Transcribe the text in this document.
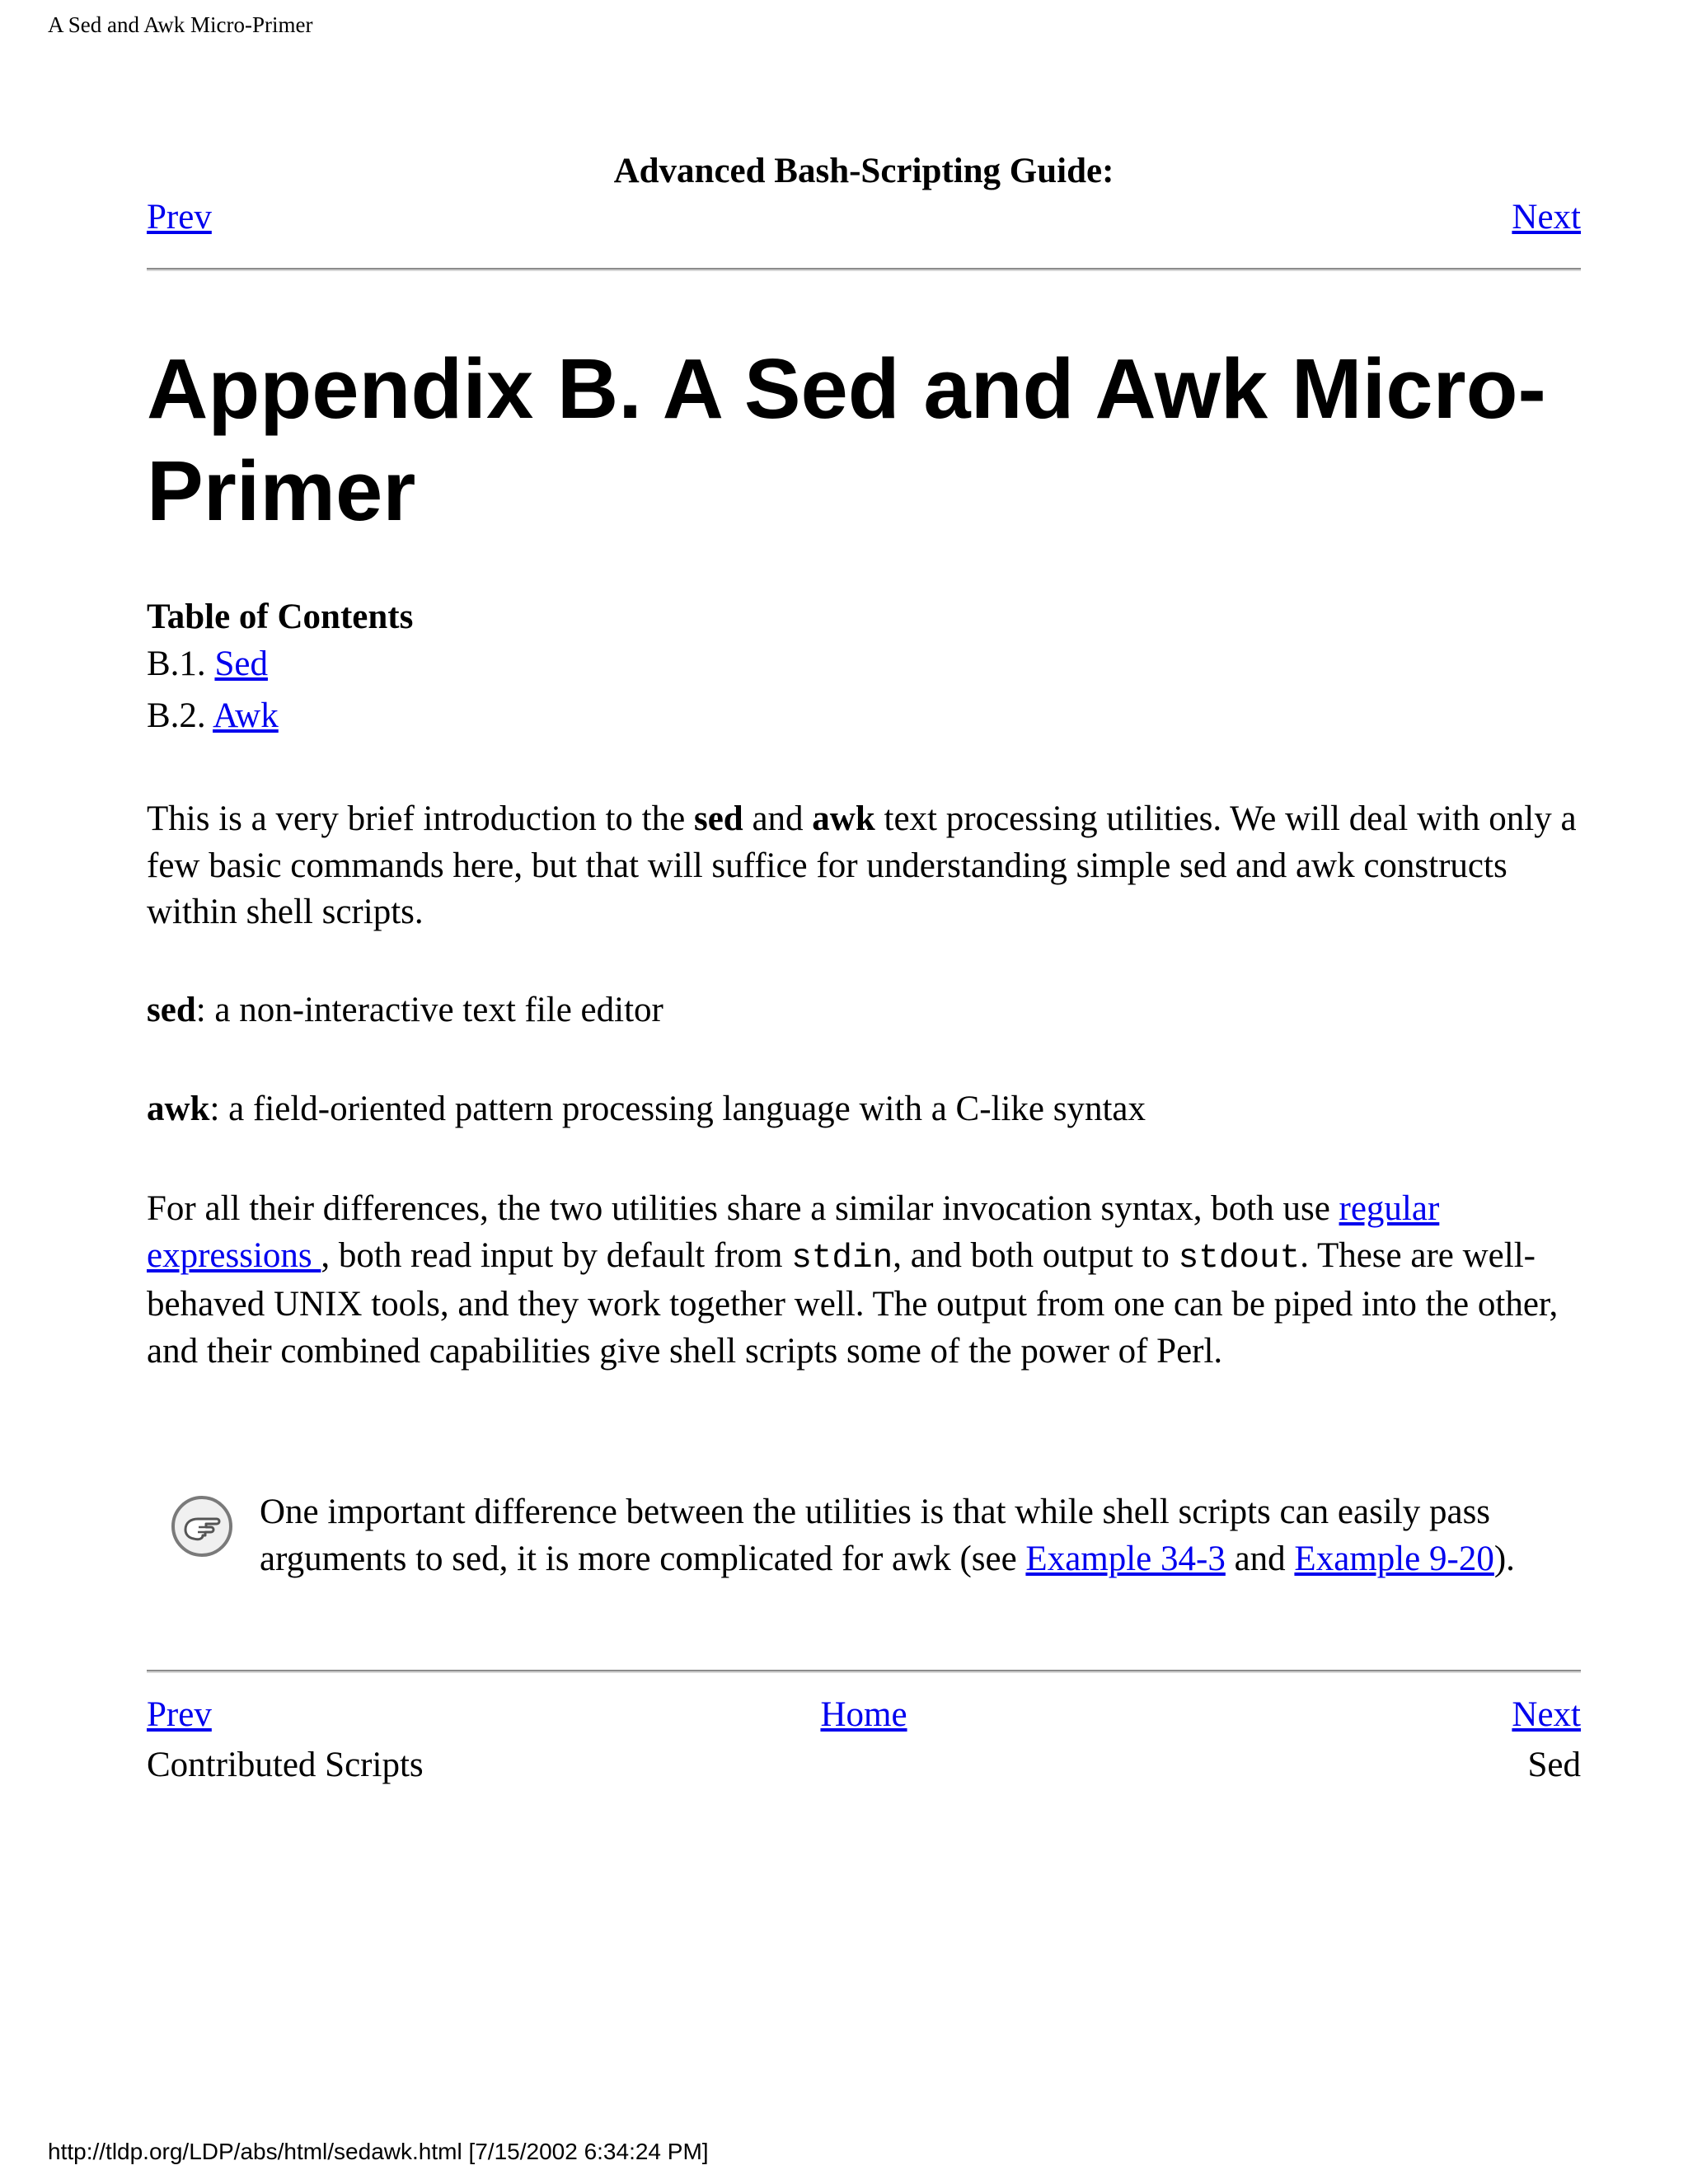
A Sed and Awk Micro-Primer
Advanced Bash-Scripting Guide:
Prev	Next
Appendix B. A Sed and Awk Micro-Primer
Table of Contents
B.1. Sed
B.2. Awk

This is a very brief introduction to the sed and awk text processing utilities. We will deal with only a few basic commands here, but that will suffice for understanding simple sed and awk constructs within shell scripts.

sed: a non-interactive text file editor

awk: a field-oriented pattern processing language with a C-like syntax

For all their differences, the two utilities share a similar invocation syntax, both use regular expressions , both read input by default from stdin, and both output to stdout. These are well-behaved UNIX tools, and they work together well. The output from one can be piped into the other, and their combined capabilities give shell scripts some of the power of Perl.

One important difference between the utilities is that while shell scripts can easily pass arguments to sed, it is more complicated for awk (see Example 34-3 and Example 9-20).

Prev	Home	Next
Contributed Scripts	Sed
http://tldp.org/LDP/abs/html/sedawk.html [7/15/2002 6:34:24 PM]
